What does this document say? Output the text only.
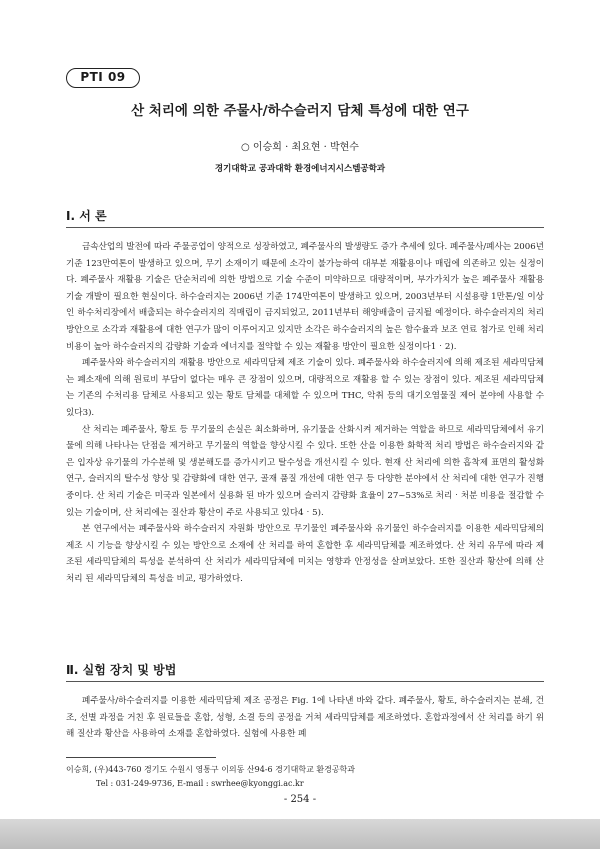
PTI 09
산 처리에 의한 주물사/하수슬러지 담체 특성에 대한 연구
○ 이승희 · 최요현 · 박현수
경기대학교 공과대학 환경에너지시스템공학과
Ⅰ. 서 론

금속산업의 발전에 따라 주물공업이 양적으로 성장하였고, 폐주물사의 발생량도 증가 추세에 있다. 폐주물사/폐사는 2006년 기준 123만여톤이 발생하고 있으며, 무기 소재이기 때문에 소각이 불가능하여 대부분 재활용이나 매립에 의존하고 있는 실정이다. 폐주물사 재활용 기술은 단순처리에 의한 방법으로 기술 수준이 미약하므로 대량적이며, 부가가치가 높은 폐주물사 재활용 기술 개발이 필요한 현실이다. 하수슬러지는 2006년 기준 174만여톤이 발생하고 있으며, 2003년부터 시설용량 1만톤/일 이상인 하수처리장에서 배출되는 하수슬러지의 직매립이 금지되었고, 2011년부터 해양배출이 금지될 예정이다. 하수슬러지의 처리 방안으로 소각과 재활용에 대한 연구가 많이 이루어지고 있지만 소각은 하수슬러지의 높은 함수율과 보조 연료 첨가로 인해 처리비용이 높아 하수슬러지의 감량화 기술과 에너지를 절약할 수 있는 재활용 방안이 필요한 실정이다1‧2).

폐주물사와 하수슬러지의 재활용 방안으로 세라믹담체 제조 기술이 있다. 폐주물사와 하수슬러지에 의해 제조된 세라믹담체는 폐소재에 의해 원료비 부담이 없다는 매우 큰 장점이 있으며, 대량적으로 재활용 할 수 있는 장점이 있다. 제조된 세라믹담체는 기존의 수처리용 담체로 사용되고 있는 황토 담체를 대체할 수 있으며 THC, 악취 등의 대기오염물질 제어 분야에 사용할 수 있다3).

산 처리는 폐주물사, 황토 등 무기물의 손실은 최소화하며, 유기물을 산화시켜 제거하는 역할을 하므로 세라믹담체에서 유기물에 의해 나타나는 단점을 제거하고 무기물의 역할을 향상시킬 수 있다. 또한 산을 이용한 화학적 처리 방법은 하수슬러지와 같은 입자상 유기물의 가수분해 및 생분해도를 증가시키고 탈수성을 개선시킬 수 있다. 현재 산 처리에 의한 흡착제 표면의 활성화 연구, 슬러지의 탈수성 향상 및 감량화에 대한 연구, 골재 품질 개선에 대한 연구 등 다양한 분야에서 산 처리에 대한 연구가 진행 중이다. 산 처리 기술은 미국과 일본에서 실용화 된 바가 있으며 슬러지 감량화 효율이 27~53%로 처리‧처분 비용을 절감할 수 있는 기술이며, 산 처리에는 질산과 황산이 주로 사용되고 있다4‧5).

본 연구에서는 폐주물사와 하수슬러지 자원화 방안으로 무기물인 폐주물사와 유기물인 하수슬러지를 이용한 세라믹담체의 제조 시 기능을 향상시킬 수 있는 방안으로 소재에 산 처리를 하여 혼합한 후 세라믹담체를 제조하였다. 산 처리 유무에 따라 제조된 세라믹담체의 특성을 분석하여 산 처리가 세라믹담체에 미치는 영향과 안정성을 살펴보았다. 또한 질산과 황산에 의해 산 처리 된 세라믹담체의 특성을 비교, 평가하였다.

Ⅱ. 실험 장치 및 방법

폐주물사/하수슬러지를 이용한 세라믹담체 제조 공정은 Fig. 1에 나타낸 바와 같다. 폐주물사, 황토, 하수슬러지는 분쇄, 건조, 선별 과정을 거친 후 원료들을 혼합, 성형, 소결 등의 공정을 거쳐 세라믹담체를 제조하였다. 혼합과정에서 산 처리를 하기 위해 질산과 황산을 사용하여 소재를 혼합하였다. 실험에 사용한 폐

이승희, (우)443-760 경기도 수원시 영통구 이의동 산94-6 경기대학교 환경공학과
Tel : 031-249-9736, E-mail : swrhee@kyonggi.ac.kr
- 254 -
